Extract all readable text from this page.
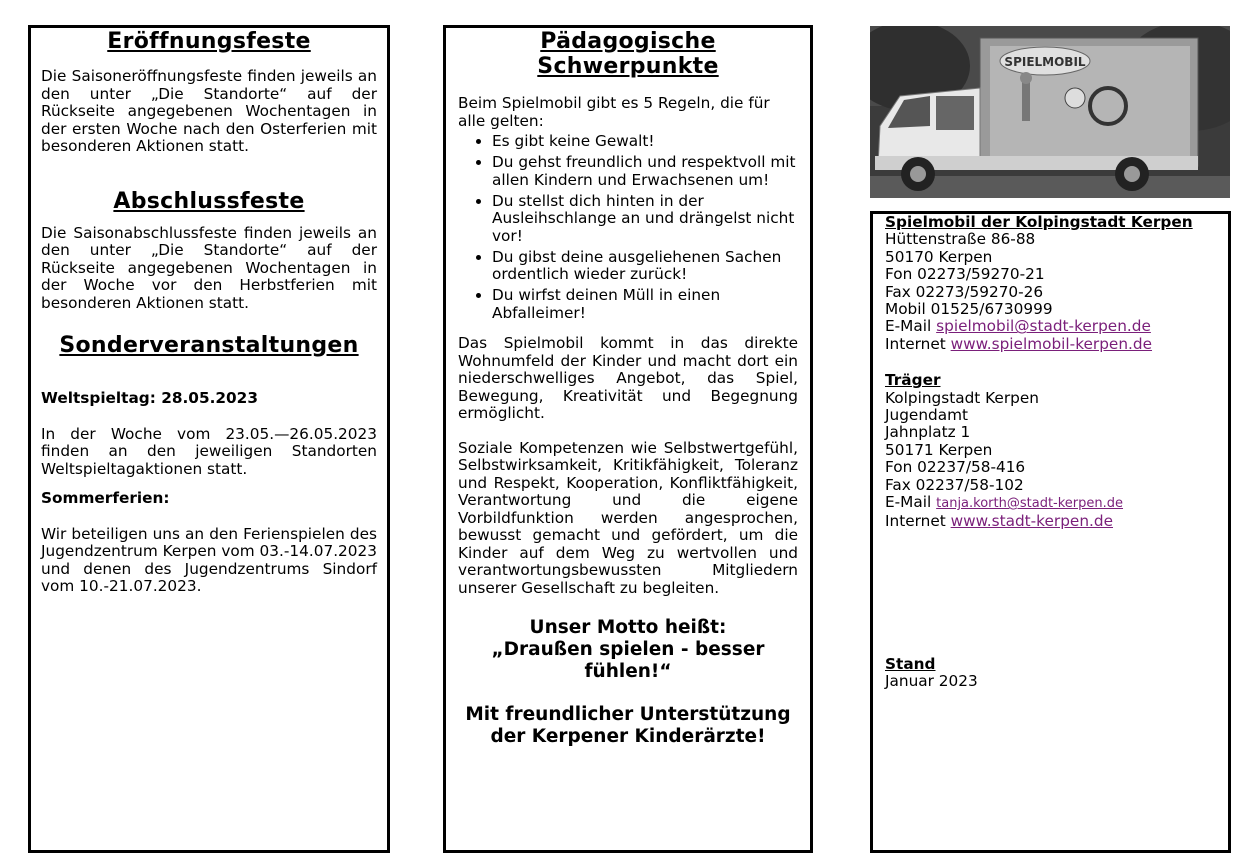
Eröffnungsfeste

Die Saisoneröffnungsfeste finden jeweils an den unter „Die Standorte“ auf der Rückseite angegebenen Wochentagen in der ersten Woche nach den Osterferien mit besonderen Aktionen statt.

Abschlussfeste

Die Saisonabschlussfeste finden jeweils an den unter „Die Standorte“ auf der Rückseite angegebenen Wochentagen in der Woche vor den Herbstferien mit besonderen Aktionen statt.

Sonderveranstaltungen

Weltspieltag: 28.05.2023

In der Woche vom 23.05.—26.05.2023 finden an den jeweiligen Standorten Weltspieltagaktionen statt.

Sommerferien:

Wir beteiligen uns an den Ferienspielen des Jugendzentrum Kerpen vom 03.-14.07.2023 und denen des Jugendzentrums Sindorf vom 10.-21.07.2023.

Pädagogische Schwerpunkte

Beim Spielmobil gibt es 5 Regeln, die für alle gelten:

• Es gibt keine Gewalt!
• Du gehst freundlich und respektvoll mit allen Kindern und Erwachsenen um!
• Du stellst dich hinten in der Ausleihschlange an und drängelst nicht vor!
• Du gibst deine ausgeliehenen Sachen ordentlich wieder zurück!
• Du wirfst deinen Müll in einen Abfalleimer!

Das Spielmobil kommt in das direkte Wohnumfeld der Kinder und macht dort ein niederschwelliges Angebot, das Spiel, Bewegung, Kreativität und Begegnung ermöglicht.

Soziale Kompetenzen wie Selbstwertgefühl, Selbstwirksamkeit, Kritikfähigkeit, Toleranz und Respekt, Kooperation, Konfliktfähigkeit, Verantwortung und die eigene Vorbildfunktion werden angesprochen, bewusst gemacht und gefördert, um die Kinder auf dem Weg zu wertvollen und verantwortungsbewussten Mitgliedern unserer Gesellschaft zu begleiten.

Unser Motto heißt:
„Draußen spielen - besser fühlen!“
Mit freundlicher Unterstützung
der Kerpener Kinderärzte!
SPIELMOBIL
Spielmobil der Kolpingstadt Kerpen
Hüttenstraße 86-88
50170 Kerpen
Fon 02273/59270-21
Fax 02273/59270-26
Mobil 01525/6730999
E-Mail spielmobil@stadt-kerpen.de
Internet www.spielmobil-kerpen.de
Träger
Kolpingstadt Kerpen
Jugendamt
Jahnplatz 1
50171 Kerpen
Fon 02237/58-416
Fax 02237/58-102
E-Mail tanja.korth@stadt-kerpen.de
Internet www.stadt-kerpen.de
Stand
Januar 2023
